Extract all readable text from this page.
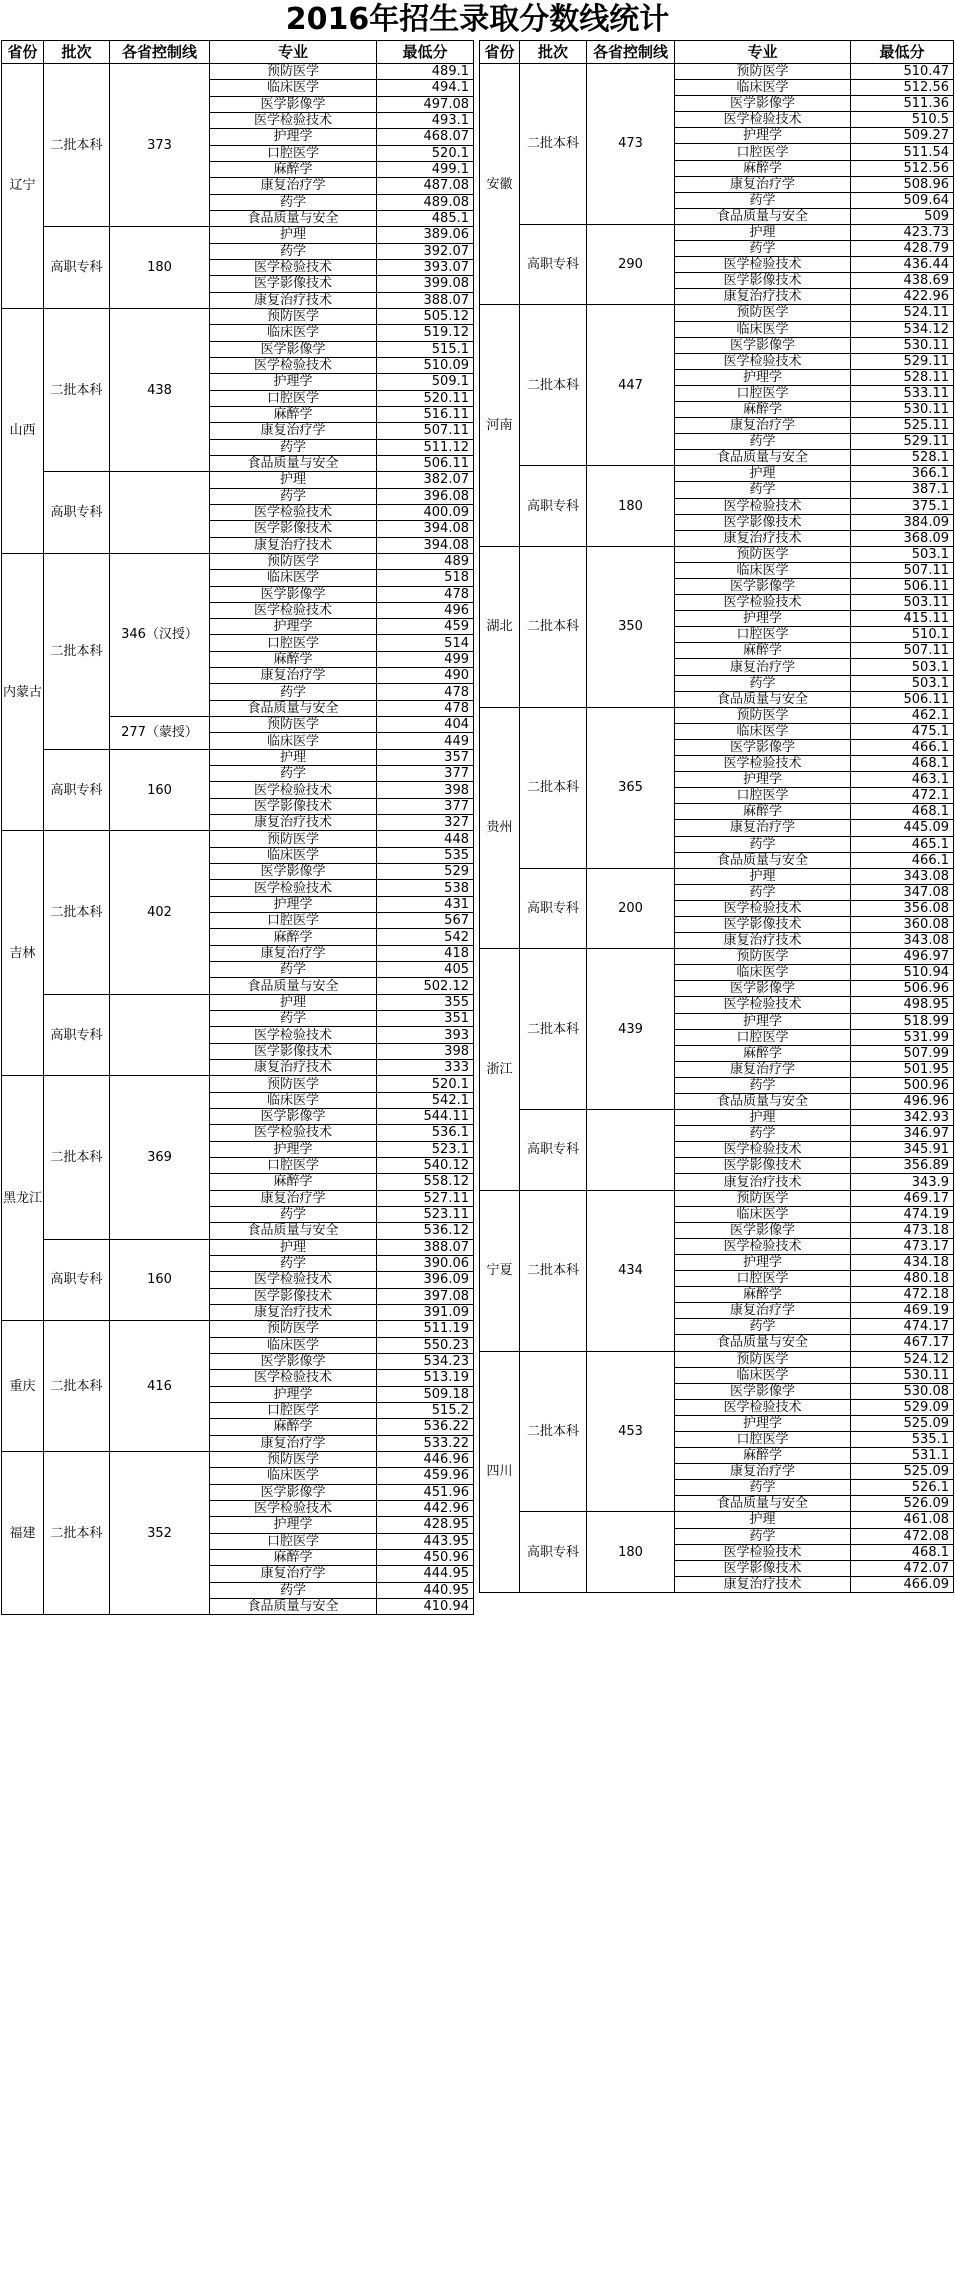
2016年招生录取分数线统计
省份	批次	各省控制线	专业	最低分
辽宁	二批本科	373	预防医学	489.1
			临床医学	494.1
			医学影像学	497.08
			医学检验技术	493.1
			护理学	468.07
			口腔医学	520.1
			麻醉学	499.1
			康复治疗学	487.08
			药学	489.08
			食品质量与安全	485.1
	高职专科	180	护理	389.06
			药学	392.07
			医学检验技术	393.07
			医学影像技术	399.08
			康复治疗技术	388.07
山西	二批本科	438	预防医学	505.12
			临床医学	519.12
			医学影像学	515.1
			医学检验技术	510.09
			护理学	509.1
			口腔医学	520.11
			麻醉学	516.11
			康复治疗学	507.11
			药学	511.12
			食品质量与安全	506.11
	高职专科		护理	382.07
			药学	396.08
			医学检验技术	400.09
			医学影像技术	394.08
			康复治疗技术	394.08
内蒙古	二批本科	346（汉授）	预防医学	489
			临床医学	518
			医学影像学	478
			医学检验技术	496
			护理学	459
			口腔医学	514
			麻醉学	499
			康复治疗学	490
			药学	478
			食品质量与安全	478
		277（蒙授）	预防医学	404
			临床医学	449
	高职专科	160	护理	357
			药学	377
			医学检验技术	398
			医学影像技术	377
			康复治疗技术	327
吉林	二批本科	402	预防医学	448
			临床医学	535
			医学影像学	529
			医学检验技术	538
			护理学	431
			口腔医学	567
			麻醉学	542
			康复治疗学	418
			药学	405
			食品质量与安全	502.12
	高职专科		护理	355
			药学	351
			医学检验技术	393
			医学影像技术	398
			康复治疗技术	333
黑龙江	二批本科	369	预防医学	520.1
			临床医学	542.1
			医学影像学	544.11
			医学检验技术	536.1
			护理学	523.1
			口腔医学	540.12
			麻醉学	558.12
			康复治疗学	527.11
			药学	523.11
			食品质量与安全	536.12
	高职专科	160	护理	388.07
			药学	390.06
			医学检验技术	396.09
			医学影像技术	397.08
			康复治疗技术	391.09
重庆	二批本科	416	预防医学	511.19
			临床医学	550.23
			医学影像学	534.23
			医学检验技术	513.19
			护理学	509.18
			口腔医学	515.2
			麻醉学	536.22
			康复治疗学	533.22
福建	二批本科	352	预防医学	446.96
			临床医学	459.96
			医学影像学	451.96
			医学检验技术	442.96
			护理学	428.95
			口腔医学	443.95
			麻醉学	450.96
			康复治疗学	444.95
			药学	440.95
			食品质量与安全	410.94
省份	批次	各省控制线	专业	最低分
安徽	二批本科	473	预防医学	510.47
			临床医学	512.56
			医学影像学	511.36
			医学检验技术	510.5
			护理学	509.27
			口腔医学	511.54
			麻醉学	512.56
			康复治疗学	508.96
			药学	509.64
			食品质量与安全	509
	高职专科	290	护理	423.73
			药学	428.79
			医学检验技术	436.44
			医学影像技术	438.69
			康复治疗技术	422.96
河南	二批本科	447	预防医学	524.11
			临床医学	534.12
			医学影像学	530.11
			医学检验技术	529.11
			护理学	528.11
			口腔医学	533.11
			麻醉学	530.11
			康复治疗学	525.11
			药学	529.11
			食品质量与安全	528.1
	高职专科	180	护理	366.1
			药学	387.1
			医学检验技术	375.1
			医学影像技术	384.09
			康复治疗技术	368.09
湖北	二批本科	350	预防医学	503.1
			临床医学	507.11
			医学影像学	506.11
			医学检验技术	503.11
			护理学	415.11
			口腔医学	510.1
			麻醉学	507.11
			康复治疗学	503.1
			药学	503.1
			食品质量与安全	506.11
贵州	二批本科	365	预防医学	462.1
			临床医学	475.1
			医学影像学	466.1
			医学检验技术	468.1
			护理学	463.1
			口腔医学	472.1
			麻醉学	468.1
			康复治疗学	445.09
			药学	465.1
			食品质量与安全	466.1
	高职专科	200	护理	343.08
			药学	347.08
			医学检验技术	356.08
			医学影像技术	360.08
			康复治疗技术	343.08
浙江	二批本科	439	预防医学	496.97
			临床医学	510.94
			医学影像学	506.96
			医学检验技术	498.95
			护理学	518.99
			口腔医学	531.99
			麻醉学	507.99
			康复治疗学	501.95
			药学	500.96
			食品质量与安全	496.96
	高职专科		护理	342.93
			药学	346.97
			医学检验技术	345.91
			医学影像技术	356.89
			康复治疗技术	343.9
宁夏	二批本科	434	预防医学	469.17
			临床医学	474.19
			医学影像学	473.18
			医学检验技术	473.17
			护理学	434.18
			口腔医学	480.18
			麻醉学	472.18
			康复治疗学	469.19
			药学	474.17
			食品质量与安全	467.17
四川	二批本科	453	预防医学	524.12
			临床医学	530.11
			医学影像学	530.08
			医学检验技术	529.09
			护理学	525.09
			口腔医学	535.1
			麻醉学	531.1
			康复治疗学	525.09
			药学	526.1
			食品质量与安全	526.09
	高职专科	180	护理	461.08
			药学	472.08
			医学检验技术	468.1
			医学影像技术	472.07
			康复治疗技术	466.09
